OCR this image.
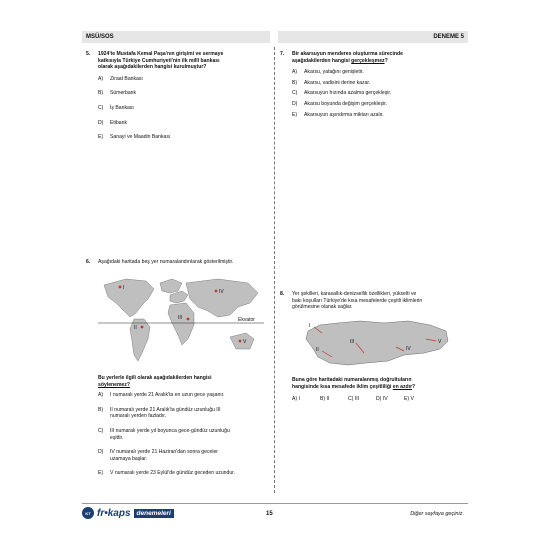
MSÜ/SOS	DENEME 5
5. 1924'te Mustafa Kemal Paşa'nın girişimi ve sermaye
katkısıyla Türkiye Cumhuriyeti'nin ilk millî bankası
olarak aşağıdakilerden hangisi kurulmuştur?
A)	Ziraat Bankası
B)	Sümerbank
C)	İş Bankası
D)	Etibank
E)	Sanayi ve Maadin Bankası
7. Bir akarsuyun menderes oluşturma sürecinde
aşağıdakilerden hangisi gerçekleşmez?
A)	Akarsu, yatağını genişletir.
B)	Akarsu, vadisini derine kazar.
C)	Akarsuyun hızında azalma gerçekleşir.
D)	Akarsu boyunda değişim gerçekleşir.
E)	Akarsuyun aşındırma miktarı azalır.
6. Aşağıdaki haritada beş yer numaralandırılarak gösterilmiştir.
I
II
III
IV
V
Ekvator
Bu yerlerle ilgili olarak aşağıdakilerden hangisi
söylenemez?
A)	I numaralı yerde 21 Aralık'ta en uzun gece yaşanır.
B)	II numaralı yerde 21 Aralık'ta gündüz uzunluğu III
numaralı yerden fazladır.
C)	III numaralı yerde yıl boyunca gece-gündüz uzunluğu
eşittir.
D)	IV numaralı yerde 21 Haziran'dan sonra geceler
uzamaya başlar.
E)	V numaralı yerde 23 Eylül'de gündüz geceden uzundur.
8. Yer şekilleri, karasallık-denizsellik özellikleri, yükselti ve
bakı koşulları Türkiye'de kısa mesafelerde çeşitli iklimlerin
görülmesine olanak sağlar.
I
II
III
IV
V
Buna göre haritadaki numaralanmış doğrultuların
hangisinde kısa mesafede iklim çeşitliliği en azdır?
A) I	B) II	C) III	D) IV	E) V
KT fr•kaps denemeleri	15	Diğer sayfaya geçiniz.
